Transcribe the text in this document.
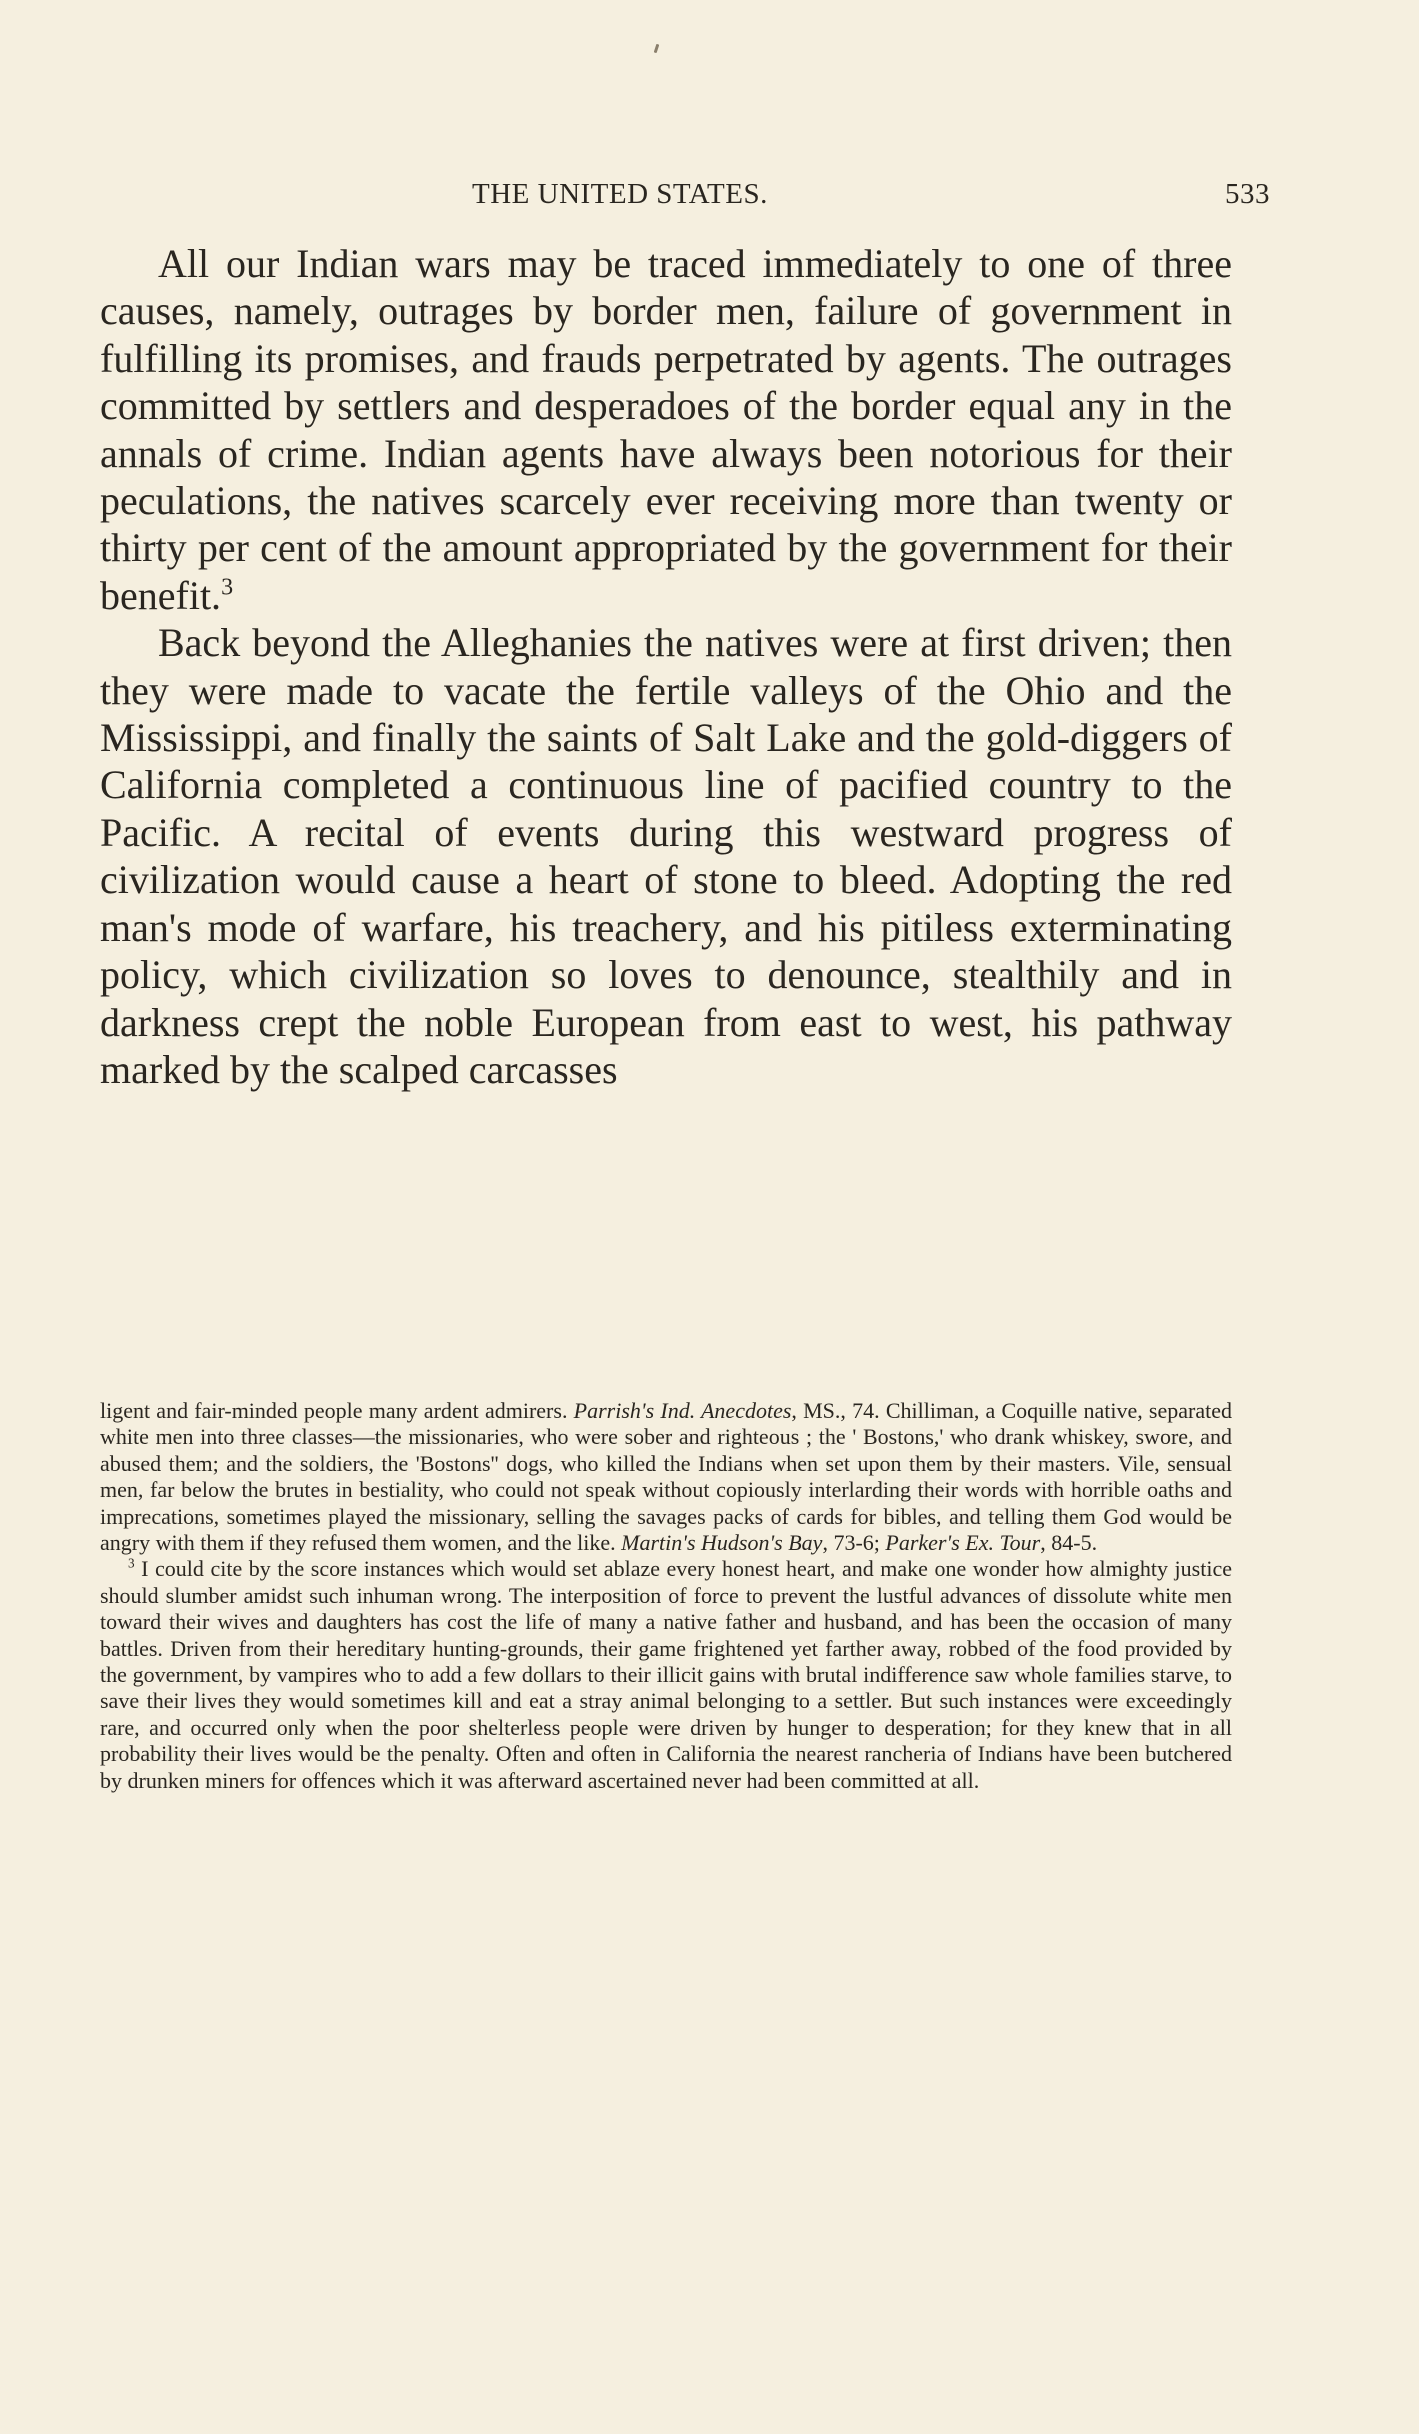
THE UNITED STATES.	533

All our Indian wars may be traced immediately to one of three causes, namely, outrages by border men, failure of government in fulfilling its promises, and frauds perpetrated by agents. The outrages committed by settlers and desperadoes of the border equal any in the annals of crime. Indian agents have always been notorious for their peculations, the natives scarcely ever receiving more than twenty or thirty per cent of the amount appropriated by the government for their benefit.$^3$

Back beyond the Alleghanies the natives were at first driven; then they were made to vacate the fertile valleys of the Ohio and the Mississippi, and finally the saints of Salt Lake and the gold-diggers of California completed a continuous line of pacified country to the Pacific. A recital of events during this westward progress of civilization would cause a heart of stone to bleed. Adopting the red man's mode of warfare, his treachery, and his pitiless exterminating policy, which civilization so loves to denounce, stealthily and in darkness crept the noble European from east to west, his pathway marked by the scalped carcasses

ligent and fair-minded people many ardent admirers. Parrish's Ind. Anecdotes, MS., 74. Chilliman, a Coquille native, separated white men into three classes—the missionaries, who were sober and righteous ; the ' Bostons,' who drank whiskey, swore, and abused them; and the soldiers, the 'Bostons'' dogs, who killed the Indians when set upon them by their masters. Vile, sensual men, far below the brutes in bestiality, who could not speak without copiously interlarding their words with horrible oaths and imprecations, sometimes played the missionary, selling the savages packs of cards for bibles, and telling them God would be angry with them if they refused them women, and the like. Martin's Hudson's Bay, 73-6; Parker's Ex. Tour, 84-5.

$^3$ I could cite by the score instances which would set ablaze every honest heart, and make one wonder how almighty justice should slumber amidst such inhuman wrong. The interposition of force to prevent the lustful advances of dissolute white men toward their wives and daughters has cost the life of many a native father and husband, and has been the occasion of many battles. Driven from their hereditary hunting-grounds, their game frightened yet farther away, robbed of the food provided by the government, by vampires who to add a few dollars to their illicit gains with brutal indifference saw whole families starve, to save their lives they would sometimes kill and eat a stray animal belonging to a settler. But such instances were exceedingly rare, and occurred only when the poor shelterless people were driven by hunger to desperation; for they knew that in all probability their lives would be the penalty. Often and often in California the nearest rancheria of Indians have been butchered by drunken miners for offences which it was afterward ascertained never had been committed at all.
